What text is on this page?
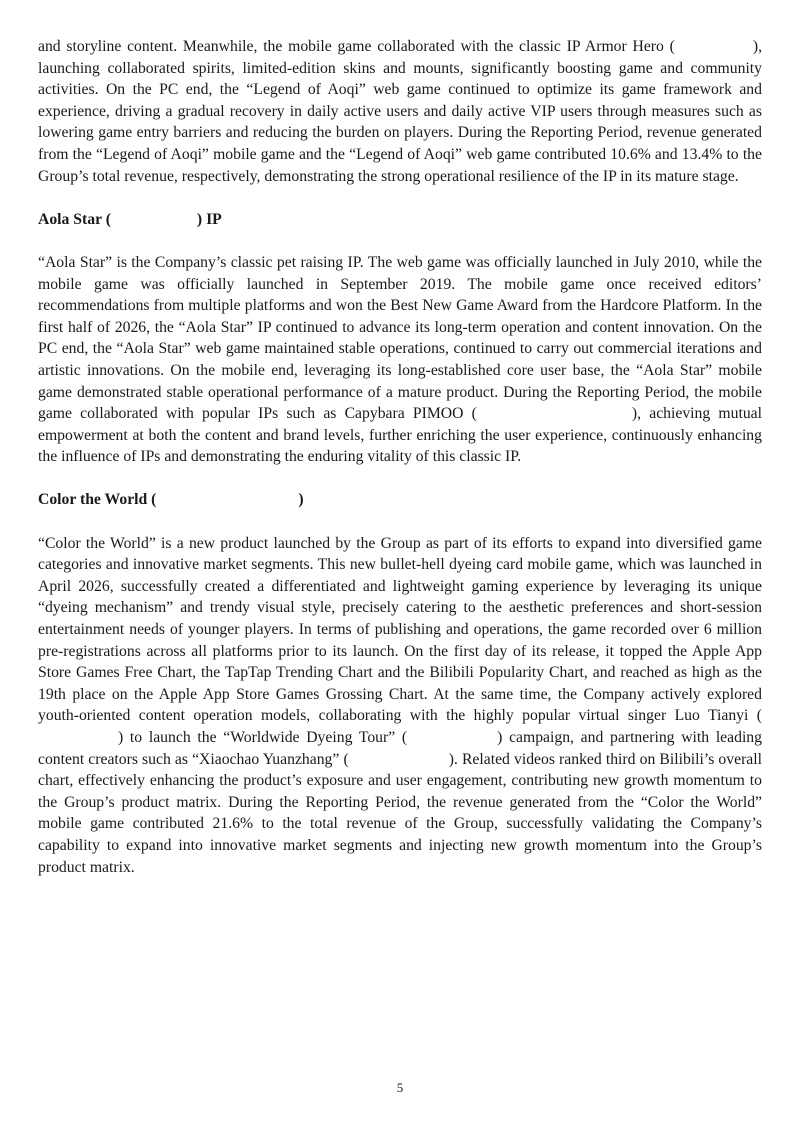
and storyline content. Meanwhile, the mobile game collaborated with the classic IP Armor Hero (	), launching collaborated spirits, limited-edition skins and mounts, significantly boosting game and community activities. On the PC end, the “Legend of Aoqi” web game continued to optimize its game framework and experience, driving a gradual recovery in daily active users and daily active VIP users through measures such as lowering game entry barriers and reducing the burden on players. During the Reporting Period, revenue generated from the “Legend of Aoqi” mobile game and the “Legend of Aoqi” web game contributed 10.6% and 13.4% to the Group’s total revenue, respectively, demonstrating the strong operational resilience of the IP in its mature stage.

Aola Star (	) IP

“Aola Star” is the Company’s classic pet raising IP. The web game was officially launched in July 2010, while the mobile game was officially launched in September 2019. The mobile game once received editors’ recommendations from multiple platforms and won the Best New Game Award from the Hardcore Platform. In the first half of 2026, the “Aola Star” IP continued to advance its long-term operation and content innovation. On the PC end, the “Aola Star” web game maintained stable operations, continued to carry out commercial iterations and artistic innovations. On the mobile end, leveraging its long-established core user base, the “Aola Star” mobile game demonstrated stable operational performance of a mature product. During the Reporting Period, the mobile game collaborated with popular IPs such as Capybara PIMOO (	), achieving mutual empowerment at both the content and brand levels, further enriching the user experience, continuously enhancing the influence of IPs and demonstrating the enduring vitality of this classic IP.

Color the World (	)

“Color the World” is a new product launched by the Group as part of its efforts to expand into diversified game categories and innovative market segments. This new bullet-hell dyeing card mobile game, which was launched in April 2026, successfully created a differentiated and lightweight gaming experience by leveraging its unique “dyeing mechanism” and trendy visual style, precisely catering to the aesthetic preferences and short-session entertainment needs of younger players. In terms of publishing and operations, the game recorded over 6 million pre-registrations across all platforms prior to its launch. On the first day of its release, it topped the Apple App Store Games Free Chart, the TapTap Trending Chart and the Bilibili Popularity Chart, and reached as high as the 19th place on the Apple App Store Games Grossing Chart. At the same time, the Company actively explored youth-oriented content operation models, collaborating with the highly popular virtual singer Luo Tianyi () to launch the “Worldwide Dyeing Tour” (	) campaign, and partnering with leading content creators such as “Xiaochao Yuanzhang” (	). Related videos ranked third on Bilibili’s overall chart, effectively enhancing the product’s exposure and user engagement, contributing new growth momentum to the Group’s product matrix. During the Reporting Period, the revenue generated from the “Color the World” mobile game contributed 21.6% to the total revenue of the Group, successfully validating the Company’s capability to expand into innovative market segments and injecting new growth momentum into the Group’s product matrix.

5
